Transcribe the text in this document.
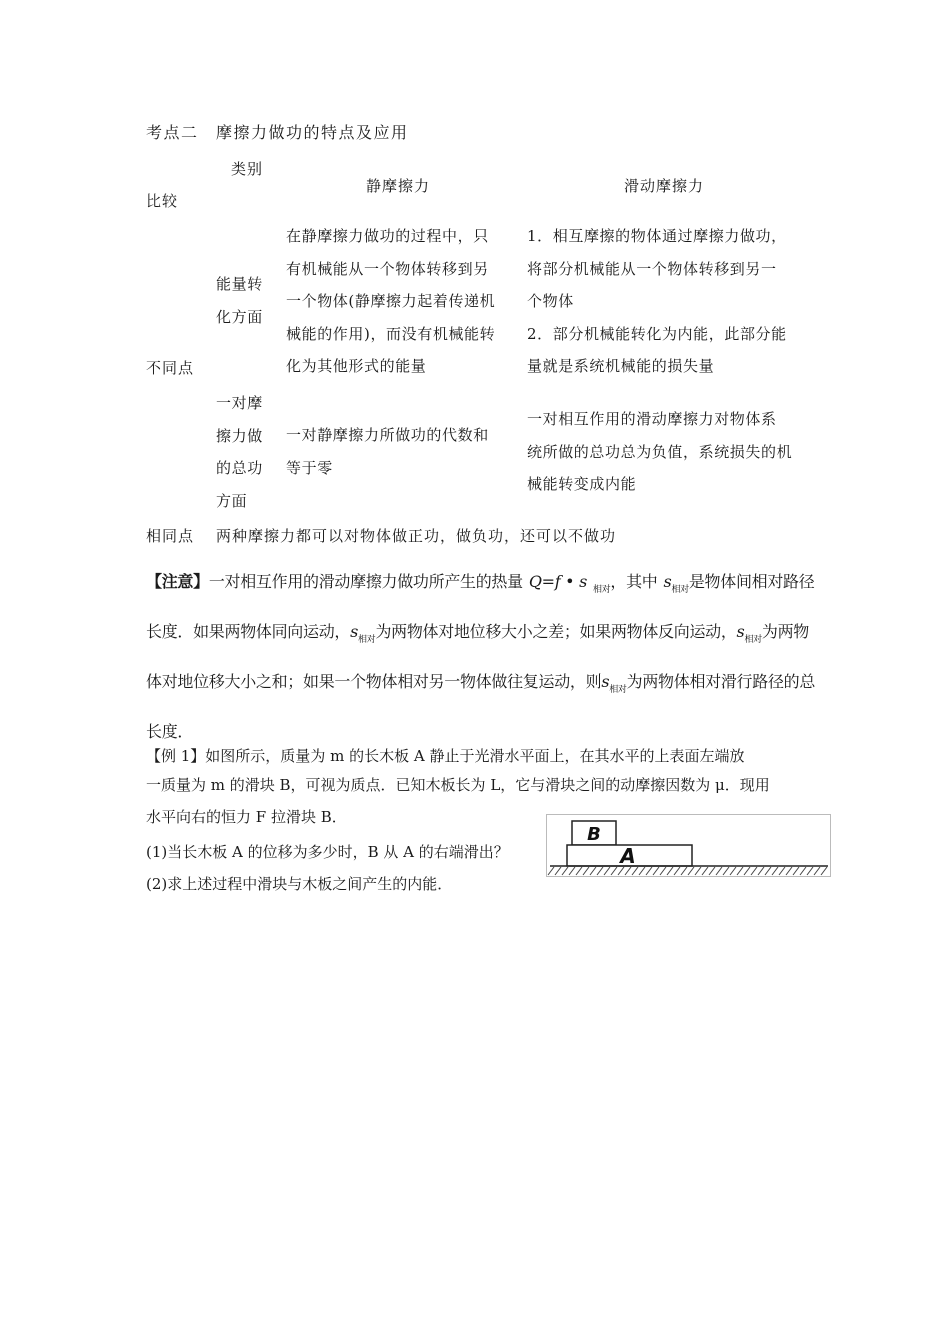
考点二　摩擦力做功的特点及应用
类别
比较
静摩擦力	滑动摩擦力
不同点
能量转
化方面
在静摩擦力做功的过程中，只
有机械能从一个物体转移到另
一个物体(静摩擦力起着传递机
械能的作用)，而没有机械能转
化为其他形式的能量
1．相互摩擦的物体通过摩擦力做功，
将部分机械能从一个物体转移到另一
个物体
2．部分机械能转化为内能，此部分能
量就是系统机械能的损失量
一对摩
擦力做
的总功
方面
一对静摩擦力所做功的代数和
等于零
一对相互作用的滑动摩擦力对物体系
统所做的总功总为负值，系统损失的机
械能转变成内能
相同点 两种摩擦力都可以对物体做正功，做负功，还可以不做功
【注意】一对相互作用的滑动摩擦力做功所产生的热量 Q=f • s $_{相对}$，其中 $s_{相对}$是物体间相对路径长度．如果两物体同向运动，$s_{相对}$为两物体对地位移大小之差；如果两物体反向运动，$s_{相对}$为两物体对地位移大小之和；如果一个物体相对另一物体做往复运动，则$s_{相对}$为两物体相对滑行路径的总长度．
【例 1】如图所示，质量为 m 的长木板 A 静止于光滑水平面上，在其水平的上表面左端放
一质量为 m 的滑块 B，可视为质点．已知木板长为 L，它与滑块之间的动摩擦因数为 μ．现用
水平向右的恒力 F 拉滑块 B．
(1)当长木板 A 的位移为多少时，B 从 A 的右端滑出？
(2)求上述过程中滑块与木板之间产生的内能．
B
A
